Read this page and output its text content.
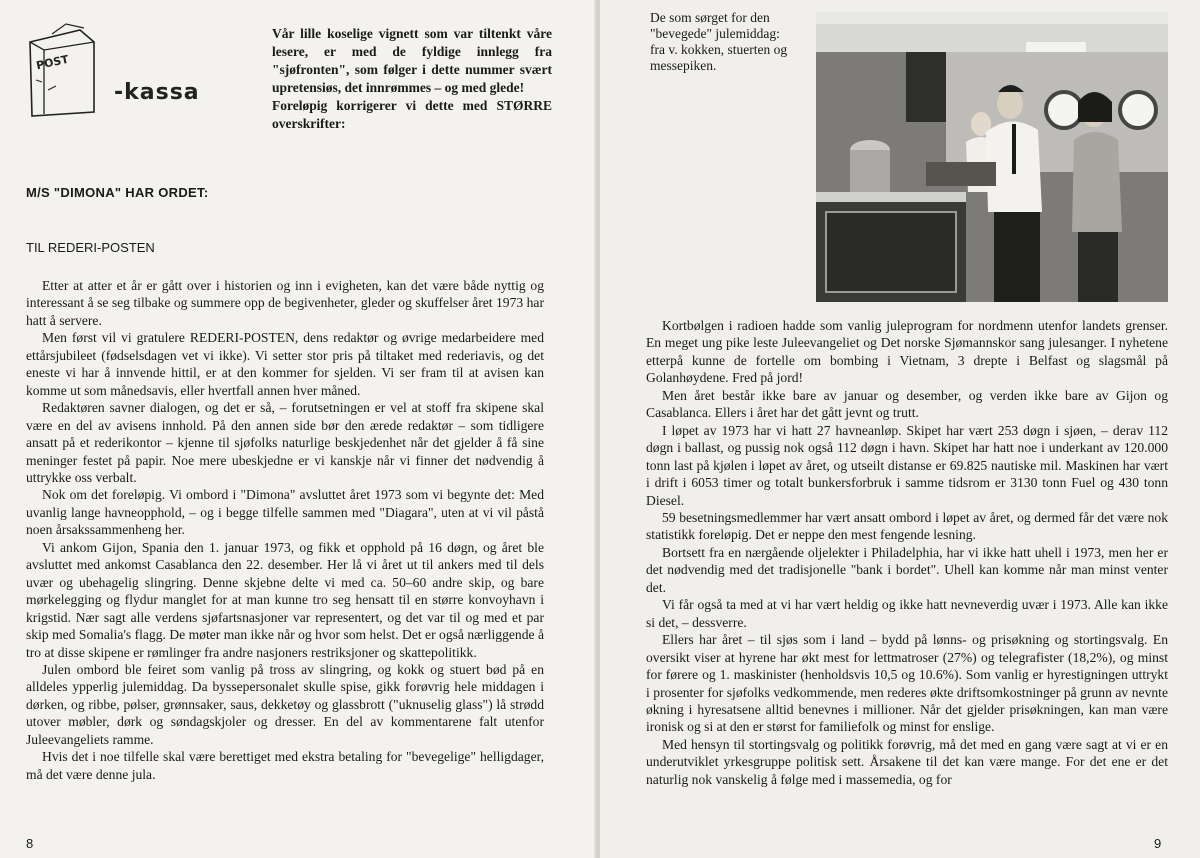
POST
-kassa

Vår lille koselige vignett som var tiltenkt våre lesere, er med de fyldige innlegg fra "sjøfronten", som følger i dette nummer svært upretensiøs, det innrømmes – og med glede!

Foreløpig korrigerer vi dette med STØRRE overskrifter:

M/S "DIMONA" HAR ORDET:
TIL REDERI-POSTEN

Etter at atter et år er gått over i historien og inn i evigheten, kan det være både nyttig og interessant å se seg tilbake og summere opp de begivenheter, gleder og skuffelser året 1973 har hatt å servere.

Men først vil vi gratulere REDERI-POSTEN, dens redaktør og øvrige medarbeidere med ettårsjubileet (fødselsdagen vet vi ikke). Vi setter stor pris på tiltaket med rederiavis, og det eneste vi har å innvende hittil, er at den kommer for sjelden. Vi ser fram til at avisen kan komme ut som månedsavis, eller hvertfall annen hver måned.

Redaktøren savner dialogen, og det er så, – forutsetningen er vel at stoff fra skipene skal være en del av avisens innhold. På den annen side bør den ærede redaktør – som tidligere ansatt på et rederikontor – kjenne til sjøfolks naturlige beskjedenhet når det gjelder å få sine meninger festet på papir. Noe mere ubeskjedne er vi kanskje når vi finner det nødvendig å uttrykke oss verbalt.

Nok om det foreløpig. Vi ombord i "Dimona" avsluttet året 1973 som vi begynte det: Med uvanlig lange havneopphold, – og i begge tilfelle sammen med "Diagara", uten at vi vil påstå noen årsakssammenheng her.

Vi ankom Gijon, Spania den 1. januar 1973, og fikk et opphold på 16 døgn, og året ble avsluttet med ankomst Casablanca den 22. desember. Her lå vi året ut til ankers med til dels uvær og ubehagelig slingring. Denne skjebne delte vi med ca. 50–60 andre skip, og bare mørkelegging og flydur manglet for at man kunne tro seg hensatt til en større konvoyhavn i krigstid. Nær sagt alle verdens sjøfartsnasjoner var representert, og det var til og med et par skip med Somalia's flagg. De møter man ikke når og hvor som helst. Det er også nærliggende å tro at disse skipene er rømlinger fra andre nasjoners restriksjoner og skattepolitikk.

Julen ombord ble feiret som vanlig på tross av slingring, og kokk og stuert bød på en alldeles ypperlig julemiddag. Da byssepersonalet skulle spise, gikk forøvrig hele middagen i dørken, og ribbe, pølser, grønnsaker, saus, dekketøy og glassbrott ("uknuselig glass") lå strødd utover møbler, dørk og søndagskjoler og dresser. En del av kommentarene falt utenfor Juleevangeliets ramme.

Hvis det i noe tilfelle skal være berettiget med ekstra betaling for "bevegelige" helligdager, må det være denne jula.

8
De som sørget for den "bevegede" julemiddag: fra v. kokken, stuerten og messepiken.

Kortbølgen i radioen hadde som vanlig juleprogram for nordmenn utenfor landets grenser. En meget ung pike leste Juleevangeliet og Det norske Sjømannskor sang julesanger. I nyhetene etterpå kunne de fortelle om bombing i Vietnam, 3 drepte i Belfast og slagsmål på Golanhøydene. Fred på jord!

Men året består ikke bare av januar og desember, og verden ikke bare av Gijon og Casablanca. Ellers i året har det gått jevnt og trutt.

I løpet av 1973 har vi hatt 27 havneanløp. Skipet har vært 253 døgn i sjøen, – derav 112 døgn i ballast, og pussig nok også 112 døgn i havn. Skipet har hatt noe i underkant av 120.000 tonn last på kjølen i løpet av året, og utseilt distanse er 69.825 nautiske mil. Maskinen har vært i drift i 6053 timer og totalt bunkersforbruk i samme tidsrom er 3130 tonn Fuel og 430 tonn Diesel.

59 besetningsmedlemmer har vært ansatt ombord i løpet av året, og dermed får det være nok statistikk foreløpig. Det er neppe den mest fengende lesning.

Bortsett fra en nærgående oljelekter i Philadelphia, har vi ikke hatt uhell i 1973, men her er det nødvendig med det tradisjonelle "bank i bordet". Uhell kan komme når man minst venter det.

Vi får også ta med at vi har vært heldig og ikke hatt nevneverdig uvær i 1973. Alle kan ikke si det, – dessverre.

Ellers har året – til sjøs som i land – bydd på lønns- og prisøkning og stortingsvalg. En oversikt viser at hyrene har økt mest for lettmatroser (27%) og telegrafister (18,2%), og minst for førere og 1. maskinister (henholdsvis 10,5 og 10.6%). Som vanlig er hyrestigningen uttrykt i prosenter for sjøfolks vedkommende, men rederes økte driftsomkostninger på grunn av nevnte økning i hyresatsene alltid benevnes i millioner. Når det gjelder prisøkningen, kan man være ironisk og si at den er størst for familiefolk og minst for enslige.

Med hensyn til stortingsvalg og politikk forøvrig, må det med en gang være sagt at vi er en underutviklet yrkesgruppe politisk sett. Årsakene til det kan være mange. For det ene er det naturlig nok vanskelig å følge med i massemedia, og for

9
